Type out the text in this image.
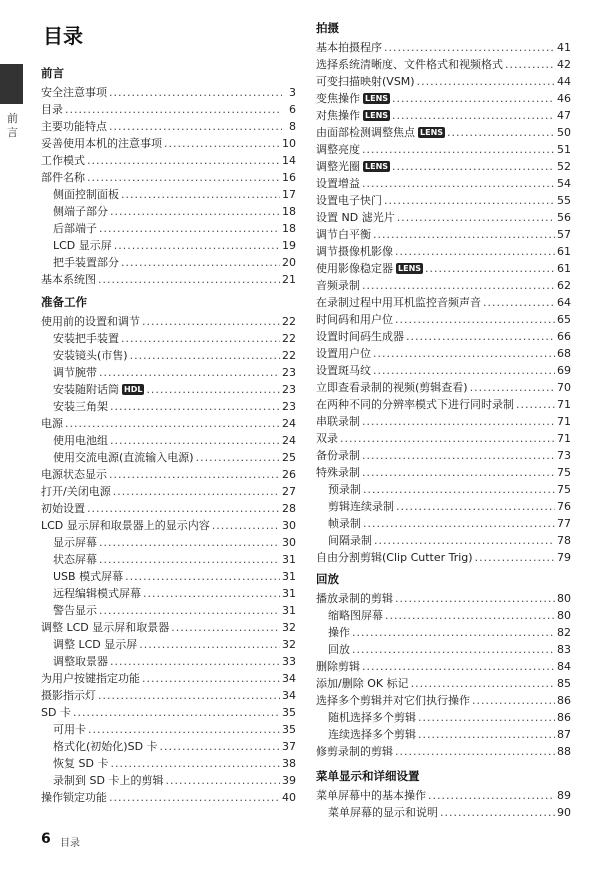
目录
前言
前言
安全注意事项 .....	3
目录 .....	6
主要功能特点 .....	8
妥善使用本机的注意事项 .....	10
工作模式 .....	14
部件名称 .....	16
侧面控制面板 .....	17
侧端子部分 .....	18
后部端子 .....	18
LCD 显示屏 .....	19
把手装置部分 .....	20
基本系统图 .....	21
准备工作
使用前的设置和调节 .....	22
安装把手装置 .....	22
安装镜头(市售) .....	22
调节腕带 .....	23
安装随附话筒 HDL .....	23
安装三角架 .....	23
电源 .....	24
使用电池组 .....	24
使用交流电源(直流输入电源) .....	25
电源状态显示 .....	26
打开/关闭电源 .....	27
初始设置 .....	28
LCD 显示屏和取景器上的显示内容 .....	30
显示屏幕 .....	30
状态屏幕 .....	31
USB 模式屏幕 .....	31
远程编辑模式屏幕 .....	31
警告显示 .....	31
调整 LCD 显示屏和取景器 .....	32
调整 LCD 显示屏 .....	32
调整取景器 .....	33
为用户按键指定功能 .....	34
摄影指示灯 .....	34
SD 卡 .....	35
可用卡 .....	35
格式化(初始化)SD 卡 .....	37
恢复 SD 卡 .....	38
录制到 SD 卡上的剪辑 .....	39
操作锁定功能 .....	40
拍摄
基本拍摄程序 .....	41
选择系统清晰度、文件格式和视频格式 .....	42
可变扫描映射(VSM) .....	44
变焦操作 LENS .....	46
对焦操作 LENS .....	47
由面部检测调整焦点 LENS .....	50
调整亮度 .....	51
调整光圈 LENS .....	52
设置增益 .....	54
设置电子快门 .....	55
设置 ND 滤光片 .....	56
调节白平衡 .....	57
调节摄像机影像 .....	61
使用影像稳定器 LENS .....	61
音频录制 .....	62
在录制过程中用耳机监控音频声音 .....	64
时间码和用户位 .....	65
设置时间码生成器 .....	66
设置用户位 .....	68
设置斑马纹 .....	69
立即查看录制的视频(剪辑查看) .....	70
在两种不同的分辨率模式下进行同时录制 .....	71
串联录制 .....	71
双录 .....	71
备份录制 .....	73
特殊录制 .....	75
预录制 .....	75
剪辑连续录制 .....	76
帧录制 .....	77
间隔录制 .....	78
自由分割剪辑(Clip Cutter Trig) .....	79
回放
播放录制的剪辑 .....	80
缩略图屏幕 .....	80
操作 .....	82
回放 .....	83
删除剪辑 .....	84
添加/删除 OK 标记 .....	85
选择多个剪辑并对它们执行操作 .....	86
随机选择多个剪辑 .....	86
连续选择多个剪辑 .....	87
修剪录制的剪辑 .....	88
菜单显示和详细设置
菜单屏幕中的基本操作 .....	89
菜单屏幕的显示和说明 .....	90
6 目录
